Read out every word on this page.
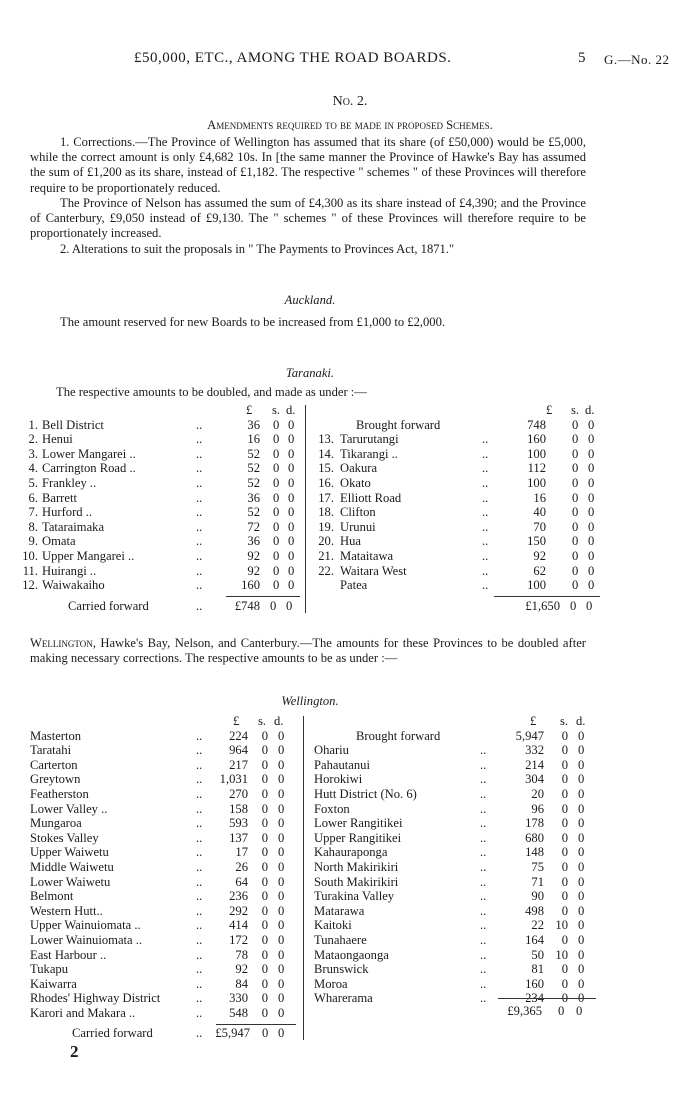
£50,000, ETC., AMONG THE ROAD BOARDS.	5 G.—No. 22
No. 2.
Amendments required to be made in proposed Schemes.

1. Corrections.—The Province of Wellington has assumed that its share (of £50,000) would be £5,000, while the correct amount is only £4,682 10s. In [the same manner the Province of Hawke's Bay has assumed the sum of £1,200 as its share, instead of £1,182. The respective " schemes " of these Provinces will therefore require to be proportionately reduced.

The Province of Nelson has assumed the sum of £4,300 as its share instead of £4,390; and the Province of Canterbury, £9,050 instead of £9,130. The " schemes " of these Provinces will therefore require to be proportionately increased.

2. Alterations to suit the proposals in " The Payments to Provinces Act, 1871."

Auckland.
The amount reserved for new Boards to be increased from £1,000 to £2,000.
Taranaki.
The respective amounts to be doubled, and made as under :—
£ s. d.	£ s. d.
1. Bell District	..	36 0 0	Brought forward	748 0 0
2. Henui	..	16 0 0	13. Tarurutangi	..	160 0 0
3. Lower Mangarei ..	..	52 0 0	14. Tikarangi ..	..	100 0 0
4. Carrington Road ..	..	52 0 0	15. Oakura	..	112 0 0
5. Frankley ..	..	52 0 0	16. Okato	..	100 0 0
6. Barrett	..	36 0 0	17. Elliott Road	..	16 0 0
7. Hurford ..	..	52 0 0	18. Clifton	..	40 0 0
8. Tataraimaka	..	72 0 0	19. Urunui	..	70 0 0
9. Omata	..	36 0 0	20. Hua	..	150 0 0
10. Upper Mangarei ..	..	92 0 0	21. Mataitawa	..	92 0 0
11. Huirangi ..	..	92 0 0	22. Waitara West	..	62 0 0
12. Waiwakaiho	..	160 0 0	Patea	..	100 0 0
Carried forward	..	£748 0 0	£1,650 0 0
Wellington, Hawke's Bay, Nelson, and Canterbury.—The amounts for these Provinces to be doubled after making necessary corrections. The respective amounts to be as under :—
Wellington.
£ s. d.	£ s. d.
Masterton	..	224	0 0	Brought forward	5,947	0 0
Taratahi	..	964	0 0 Ohariu	..	332	0 0
Carterton	..	217	0 0 Pahautanui	..	214	0 0
Greytown	..	1,031	0 0 Horokiwi	..	304	0 0
Featherston	..	270	0 0 Hutt District (No. 6)	..	20	0 0
Lower Valley ..	..	158	0 0 Foxton	..	96	0 0
Mungaroa	..	593	0 0 Lower Rangitikei	..	178	0 0
Stokes Valley	..	137	0 0 Upper Rangitikei	..	680	0 0
Upper Waiwetu	..	17	0 0 Kahauraponga	..	148	0 0
Middle Waiwetu	..	26	0 0 North Makirikiri	..	75	0 0
Lower Waiwetu	..	64	0 0 South Makirikiri	..	71	0 0
Belmont	..	236	0 0 Turakina Valley	..	90	0 0
Western Hutt..	..	292	0 0 Matarawa	..	498	0 0
Upper Wainuiomata ..	..	414	0 0 Kaitoki	..	22 10 0
Lower Wainuiomata ..	..	172	0 0 Tunahaere	..	164	0 0
East Harbour ..	..	78	0 0 Mataongaonga	..	50 10 0
Tukapu	..	92	0 0 Brunswick	..	81	0 0
Kaiwarra	..	84	0 0 Moroa	..	160	0 0
Rhodes' Highway District	..	330	0 0 Wharerama	..	234	0 0
Karori and Makara ..	..	548	0 0
Carried forward	..	£5,947 0 0
£9,365 0 0
2
